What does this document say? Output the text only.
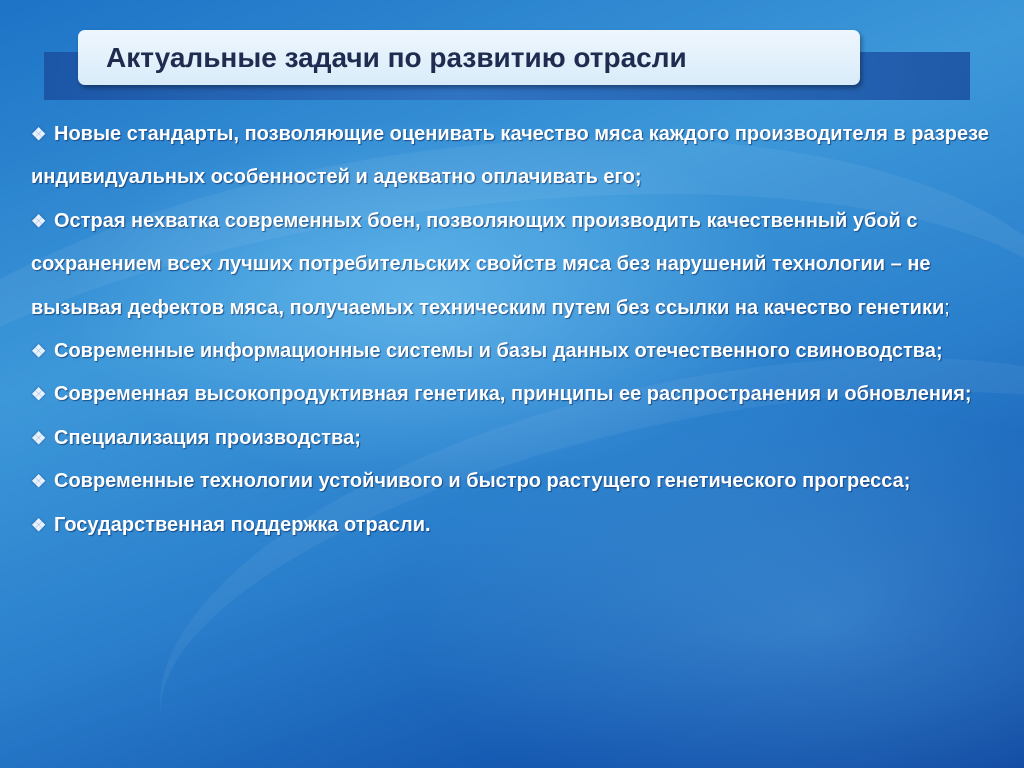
Актуальные задачи по развитию отрасли
❖ Новые стандарты, позволяющие оценивать качество мяса каждого производителя в разрезе индивидуальных особенностей и адекватно оплачивать его;
❖ Острая нехватка современных боен, позволяющих производить качественный убой с сохранением всех лучших потребительских свойств мяса без нарушений технологии – не вызывая дефектов мяса, получаемых техническим путем без ссылки на качество генетики;
❖ Современные информационные системы и базы данных отечественного свиноводства;
❖ Современная высокопродуктивная генетика, принципы ее распространения и обновления;
❖ Специализация производства;
❖ Современные технологии устойчивого и быстро растущего генетического прогресса;
❖ Государственная поддержка отрасли.
